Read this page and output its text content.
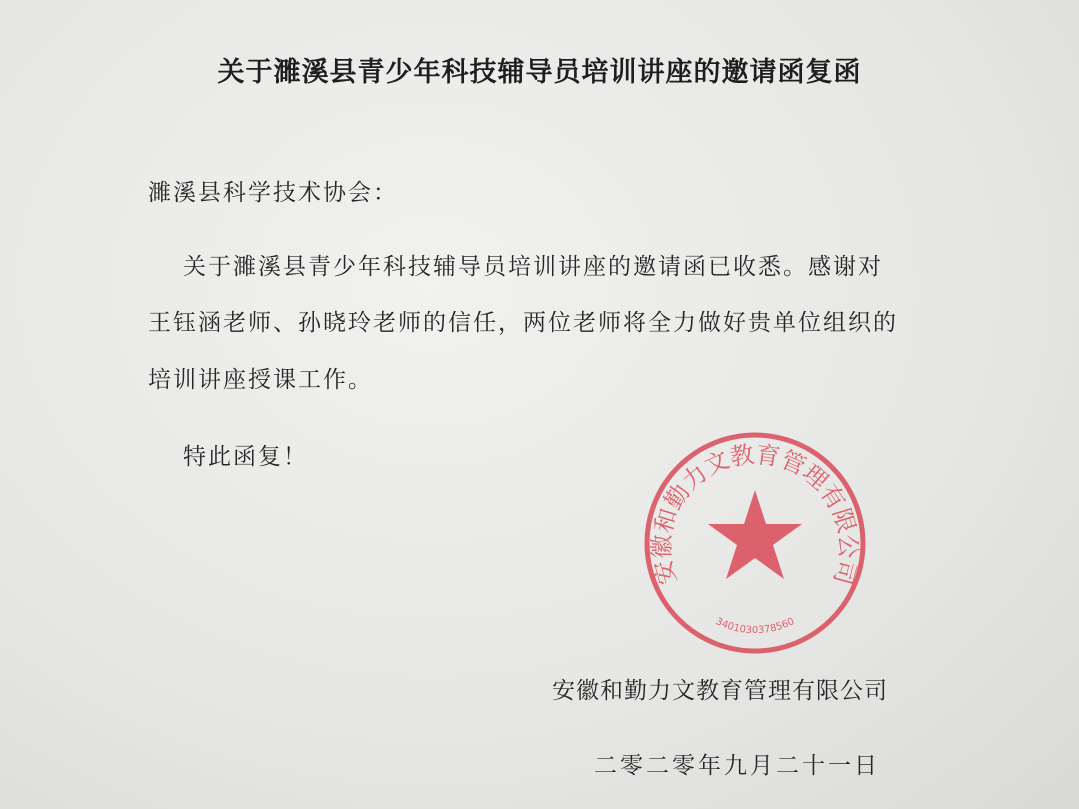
关于濉溪县青少年科技辅导员培训讲座的邀请函复函
濉溪县科学技术协会：
关于濉溪县青少年科技辅导员培训讲座的邀请函已收悉。感谢对
王钰涵老师、孙晓玲老师的信任，两位老师将全力做好贵单位组织的
培训讲座授课工作。
特此函复！
安徽和勤力文教育管理有限公司
3401030378560
安徽和勤力文教育管理有限公司
二零二零年九月二十一日
